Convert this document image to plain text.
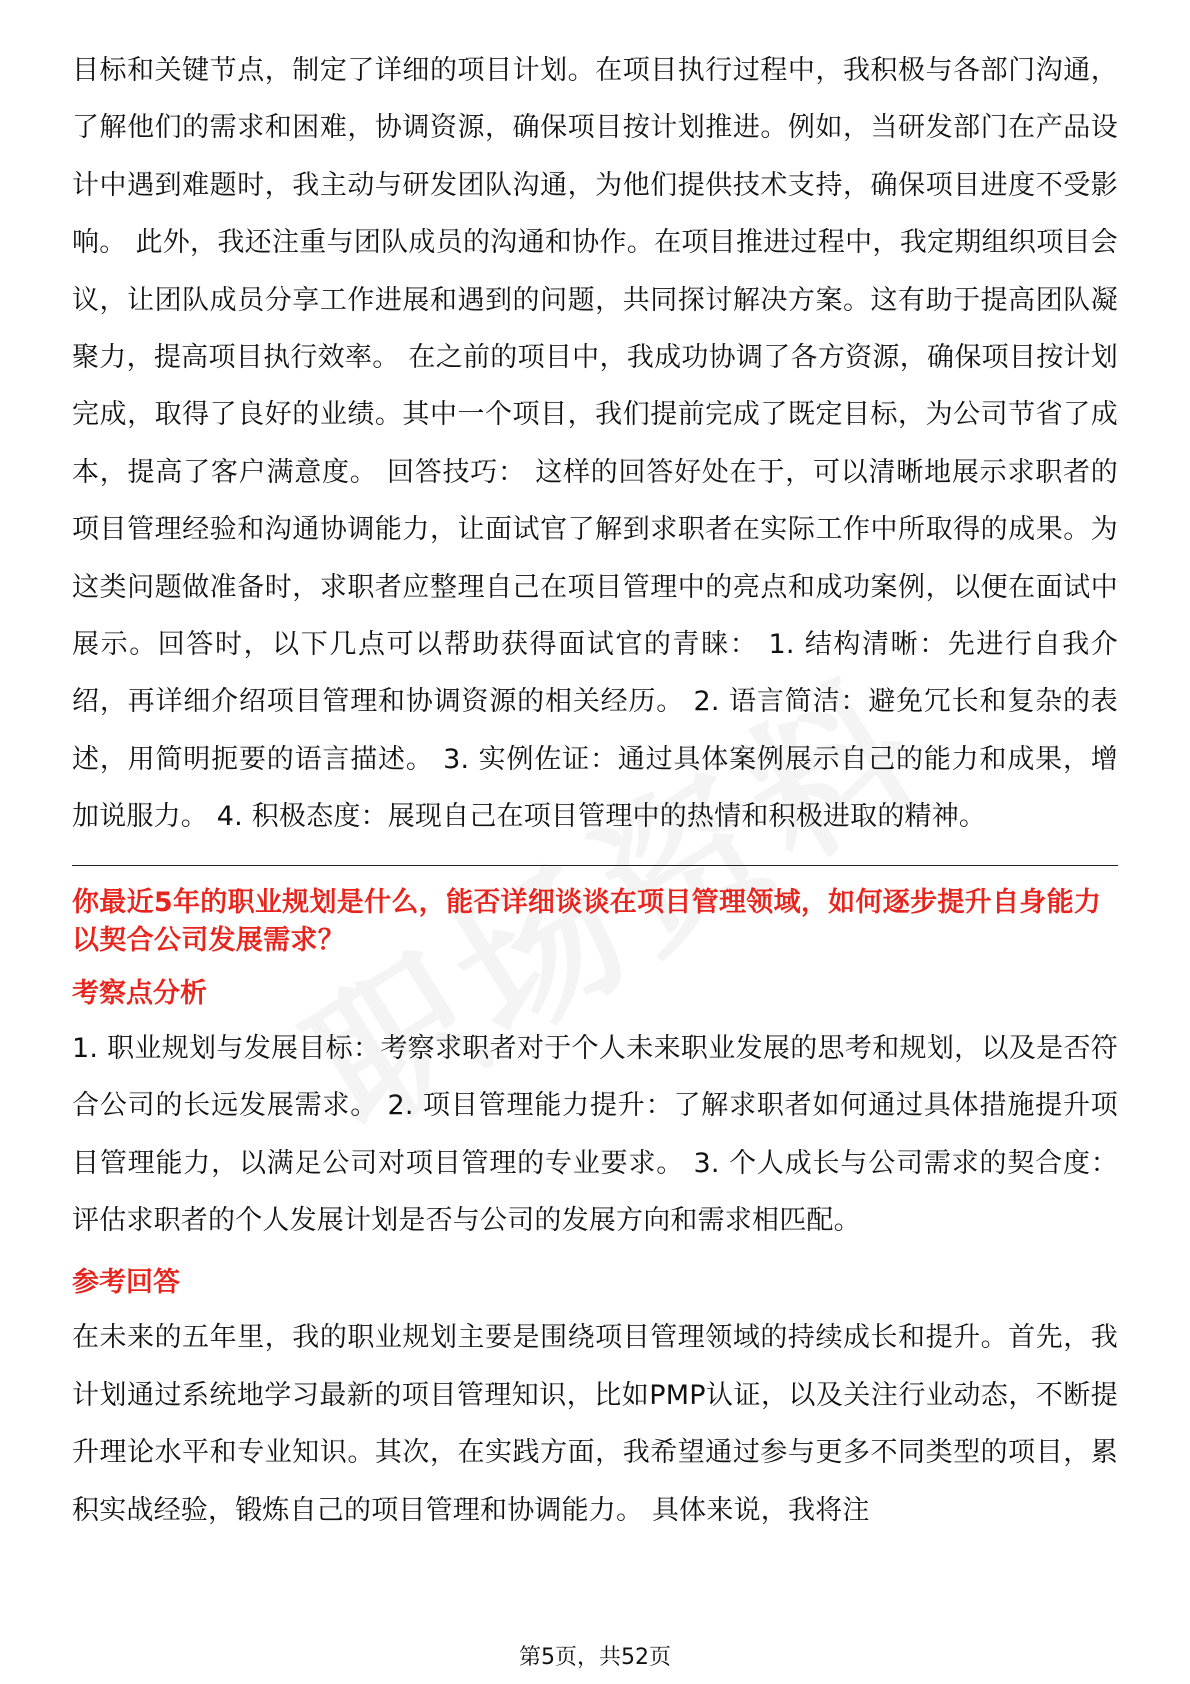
目标和关键节点，制定了详细的项目计划。在项目执行过程中，我积极与各部门沟通，了解他们的需求和困难，协调资源，确保项目按计划推进。例如，当研发部门在产品设计中遇到难题时，我主动与研发团队沟通，为他们提供技术支持，确保项目进度不受影响。 此外，我还注重与团队成员的沟通和协作。在项目推进过程中，我定期组织项目会议，让团队成员分享工作进展和遇到的问题，共同探讨解决方案。这有助于提高团队凝聚力，提高项目执行效率。 在之前的项目中，我成功协调了各方资源，确保项目按计划完成，取得了良好的业绩。其中一个项目，我们提前完成了既定目标，为公司节省了成本，提高了客户满意度。 回答技巧： 这样的回答好处在于，可以清晰地展示求职者的项目管理经验和沟通协调能力，让面试官了解到求职者在实际工作中所取得的成果。为这类问题做准备时，求职者应整理自己在项目管理中的亮点和成功案例，以便在面试中展示。回答时，以下几点可以帮助获得面试官的青睐： 1. 结构清晰：先进行自我介绍，再详细介绍项目管理和协调资源的相关经历。 2. 语言简洁：避免冗长和复杂的表述，用简明扼要的语言描述。 3. 实例佐证：通过具体案例展示自己的能力和成果，增加说服力。 4. 积极态度：展现自己在项目管理中的热情和积极进取的精神。

你最近5年的职业规划是什么，能否详细谈谈在项目管理领域，如何逐步提升自身能力以契合公司发展需求？

考察点分析

1. 职业规划与发展目标：考察求职者对于个人未来职业发展的思考和规划，以及是否符合公司的长远发展需求。 2. 项目管理能力提升：了解求职者如何通过具体措施提升项目管理能力，以满足公司对项目管理的专业要求。 3. 个人成长与公司需求的契合度：评估求职者的个人发展计划是否与公司的发展方向和需求相匹配。

参考回答

在未来的五年里，我的职业规划主要是围绕项目管理领域的持续成长和提升。首先，我计划通过系统地学习最新的项目管理知识，比如PMP认证，以及关注行业动态，不断提升理论水平和专业知识。其次，在实践方面，我希望通过参与更多不同类型的项目，累积实战经验，锻炼自己的项目管理和协调能力。 具体来说，我将注

第5页，共52页
